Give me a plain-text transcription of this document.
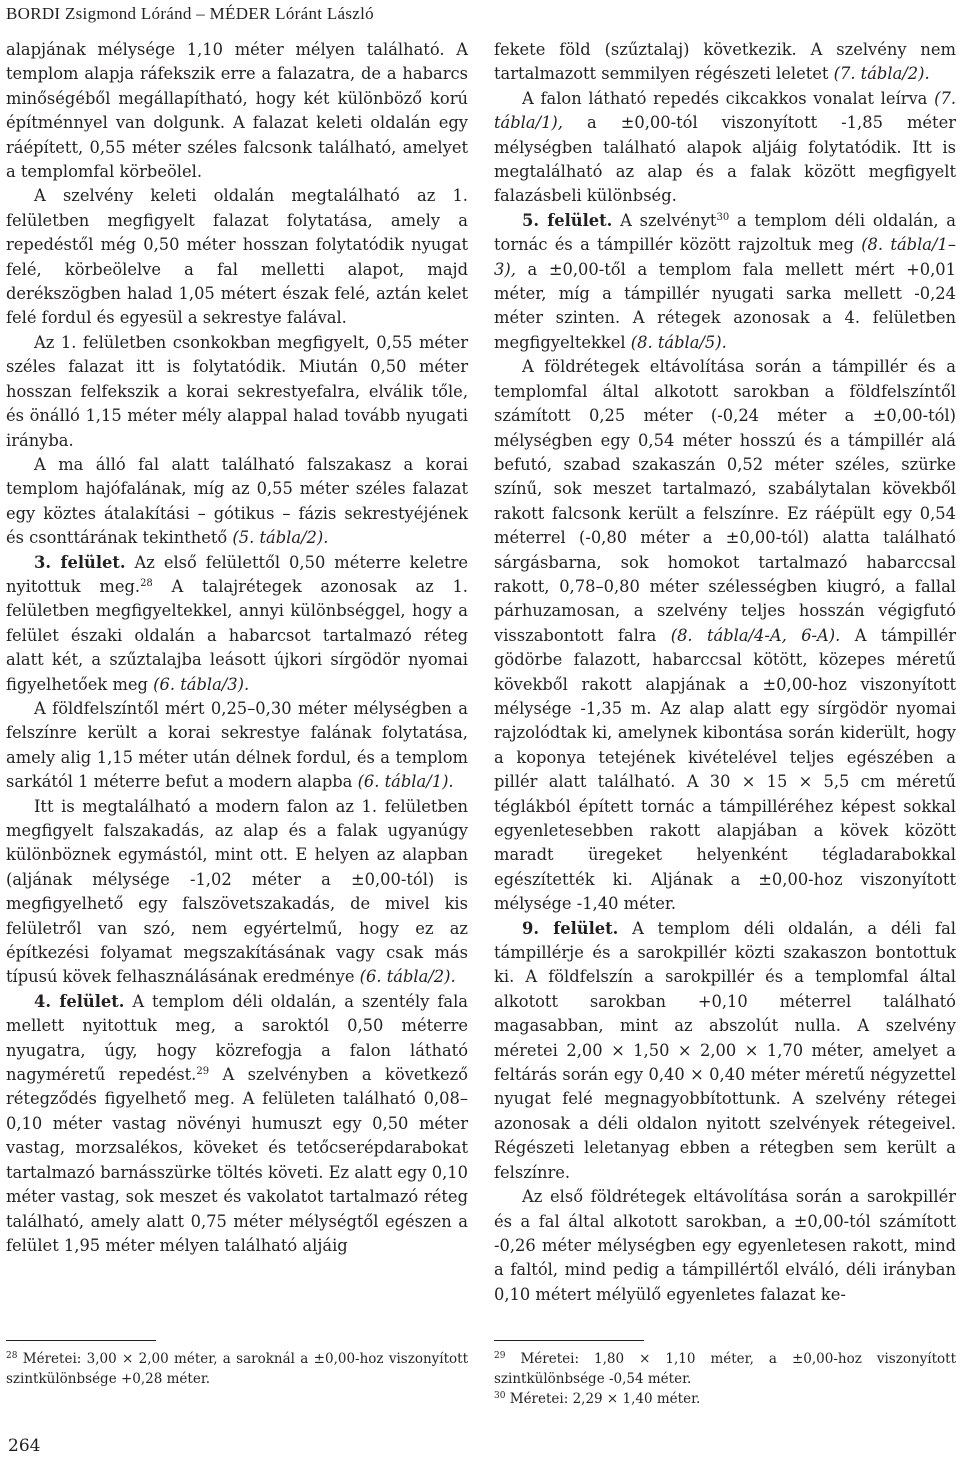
BORDI Zsigmond Lóránd – MÉDER Lóránt László

alapjának mélysége 1,10 méter mélyen található. A templom alapja ráfekszik erre a falazatra, de a habarcs minőségéből megállapítható, hogy két különböző korú építménnyel van dolgunk. A falazat keleti oldalán egy ráépített, 0,55 méter széles falcsonk található, amelyet a templomfal körbeölel.

A szelvény keleti oldalán megtalálható az 1. felületben megfigyelt falazat folytatása, amely a repedéstől még 0,50 méter hosszan folytatódik nyugat felé, körbeölelve a fal melletti alapot, majd derékszögben halad 1,05 métert észak felé, aztán kelet felé fordul és egyesül a sekrestye falával.

Az 1. felületben csonkokban megfigyelt, 0,55 méter széles falazat itt is folytatódik. Miután 0,50 méter hosszan felfekszik a korai sekrestyefalra, elválik tőle, és önálló 1,15 méter mély alappal halad tovább nyugati irányba.

A ma álló fal alatt található falszakasz a korai templom hajófalának, míg az 0,55 méter széles falazat egy köztes átalakítási – gótikus – fázis sekrestyéjének és csonttárának tekinthető (5. tábla/2).

3. felület. Az első felülettől 0,50 méterre keletre nyitottuk meg.$^{28}$ A talajrétegek azonosak az 1. felületben megfigyeltekkel, annyi különbséggel, hogy a felület északi oldalán a habarcsot tartalmazó réteg alatt két, a szűztalajba leásott újkori sírgödör nyomai figyelhetőek meg (6. tábla/3).

A földfelszíntől mért 0,25–0,30 méter mélységben a felszínre került a korai sekrestye falának folytatása, amely alig 1,15 méter után délnek fordul, és a templom sarkától 1 méterre befut a modern alapba (6. tábla/1).

Itt is megtalálható a modern falon az 1. felületben megfigyelt falszakadás, az alap és a falak ugyanúgy különböznek egymástól, mint ott. E helyen az alapban (aljának mélysége -1,02 méter a ±0,00-tól) is megfigyelhető egy falszövetszakadás, de mivel kis felületről van szó, nem egyértelmű, hogy ez az építkezési folyamat megszakításának vagy csak más típusú kövek felhasználásának eredménye (6. tábla/2).

4. felület. A templom déli oldalán, a szentély fala mellett nyitottuk meg, a saroktól 0,50 méterre nyugatra, úgy, hogy közrefogja a falon látható nagyméretű repedést.$^{29}$ A szelvényben a következő rétegződés figyelhető meg. A felületen található 0,08–0,10 méter vastag növényi humuszt egy 0,50 méter vastag, morzsalékos, köveket és tetőcserépdarabokat tartalmazó barnásszürke töltés követi. Ez alatt egy 0,10 méter vastag, sok meszet és vakolatot tartalmazó réteg található, amely alatt 0,75 méter mélységtől egészen a felület 1,95 méter mélyen található aljáig

fekete föld (szűztalaj) következik. A szelvény nem tartalmazott semmilyen régészeti leletet (7. tábla/2).

A falon látható repedés cikcakkos vonalat leírva (7. tábla/1), a ±0,00-tól viszonyított -1,85 méter mélységben található alapok aljáig folytatódik. Itt is megtalálható az alap és a falak között megfigyelt falazásbeli különbség.

5. felület. A szelvényt$^{30}$ a templom déli oldalán, a tornác és a támpillér között rajzoltuk meg (8. tábla/1–3), a ±0,00-től a templom fala mellett mért +0,01 méter, míg a támpillér nyugati sarka mellett -0,24 méter szinten. A rétegek azonosak a 4. felületben megfigyeltekkel (8. tábla/5).

A földrétegek eltávolítása során a támpillér és a templomfal által alkotott sarokban a földfelszíntől számított 0,25 méter (-0,24 méter a ±0,00-tól) mélységben egy 0,54 méter hosszú és a támpillér alá befutó, szabad szakaszán 0,52 méter széles, szürke színű, sok meszet tartalmazó, szabálytalan kövekből rakott falcsonk került a felszínre. Ez ráépült egy 0,54 méterrel (-0,80 méter a ±0,00-tól) alatta található sárgásbarna, sok homokot tartalmazó habarccsal rakott, 0,78–0,80 méter szélességben kiugró, a fallal párhuzamosan, a szelvény teljes hosszán végigfutó visszabontott falra (8. tábla/4-A, 6-A). A támpillér gödörbe falazott, habarccsal kötött, közepes méretű kövekből rakott alapjának a ±0,00-hoz viszonyított mélysége -1,35 m. Az alap alatt egy sírgödör nyomai rajzolódtak ki, amelynek kibontása során kiderült, hogy a koponya tetejének kivételével teljes egészében a pillér alatt található. A 30 × 15 × 5,5 cm méretű téglákból épített tornác a támpilléréhez képest sokkal egyenletesebben rakott alapjában a kövek között maradt üregeket helyenként tégladarabokkal egészítették ki. Aljának a ±0,00-hoz viszonyított mélysége -1,40 méter.

9. felület. A templom déli oldalán, a déli fal támpillérje és a sarokpillér közti szakaszon bontottuk ki. A földfelszín a sarokpillér és a templomfal által alkotott sarokban +0,10 méterrel található magasabban, mint az abszolút nulla. A szelvény méretei 2,00 × 1,50 × 2,00 × 1,70 méter, amelyet a feltárás során egy 0,40 × 0,40 méter méretű négyzettel nyugat felé megnagyobbítottunk. A szelvény rétegei azonosak a déli oldalon nyitott szelvények rétegeivel. Régészeti leletanyag ebben a rétegben sem került a felszínre.

Az első földrétegek eltávolítása során a sarokpillér és a fal által alkotott sarokban, a ±0,00-tól számított -0,26 méter mélységben egy egyenletesen rakott, mind a faltól, mind pedig a támpillértől elváló, déli irányban 0,10 métert mélyülő egyenletes falazat ke-

$^{28}$ Méretei: 3,00 × 2,00 méter, a saroknál a ±0,00-hoz viszonyított szintkülönbsége +0,28 méter.
$^{29}$ Méretei: 1,80 × 1,10 méter, a ±0,00-hoz viszonyított szintkülönbsége -0,54 méter.
$^{30}$ Méretei: 2,29 × 1,40 méter.
264
